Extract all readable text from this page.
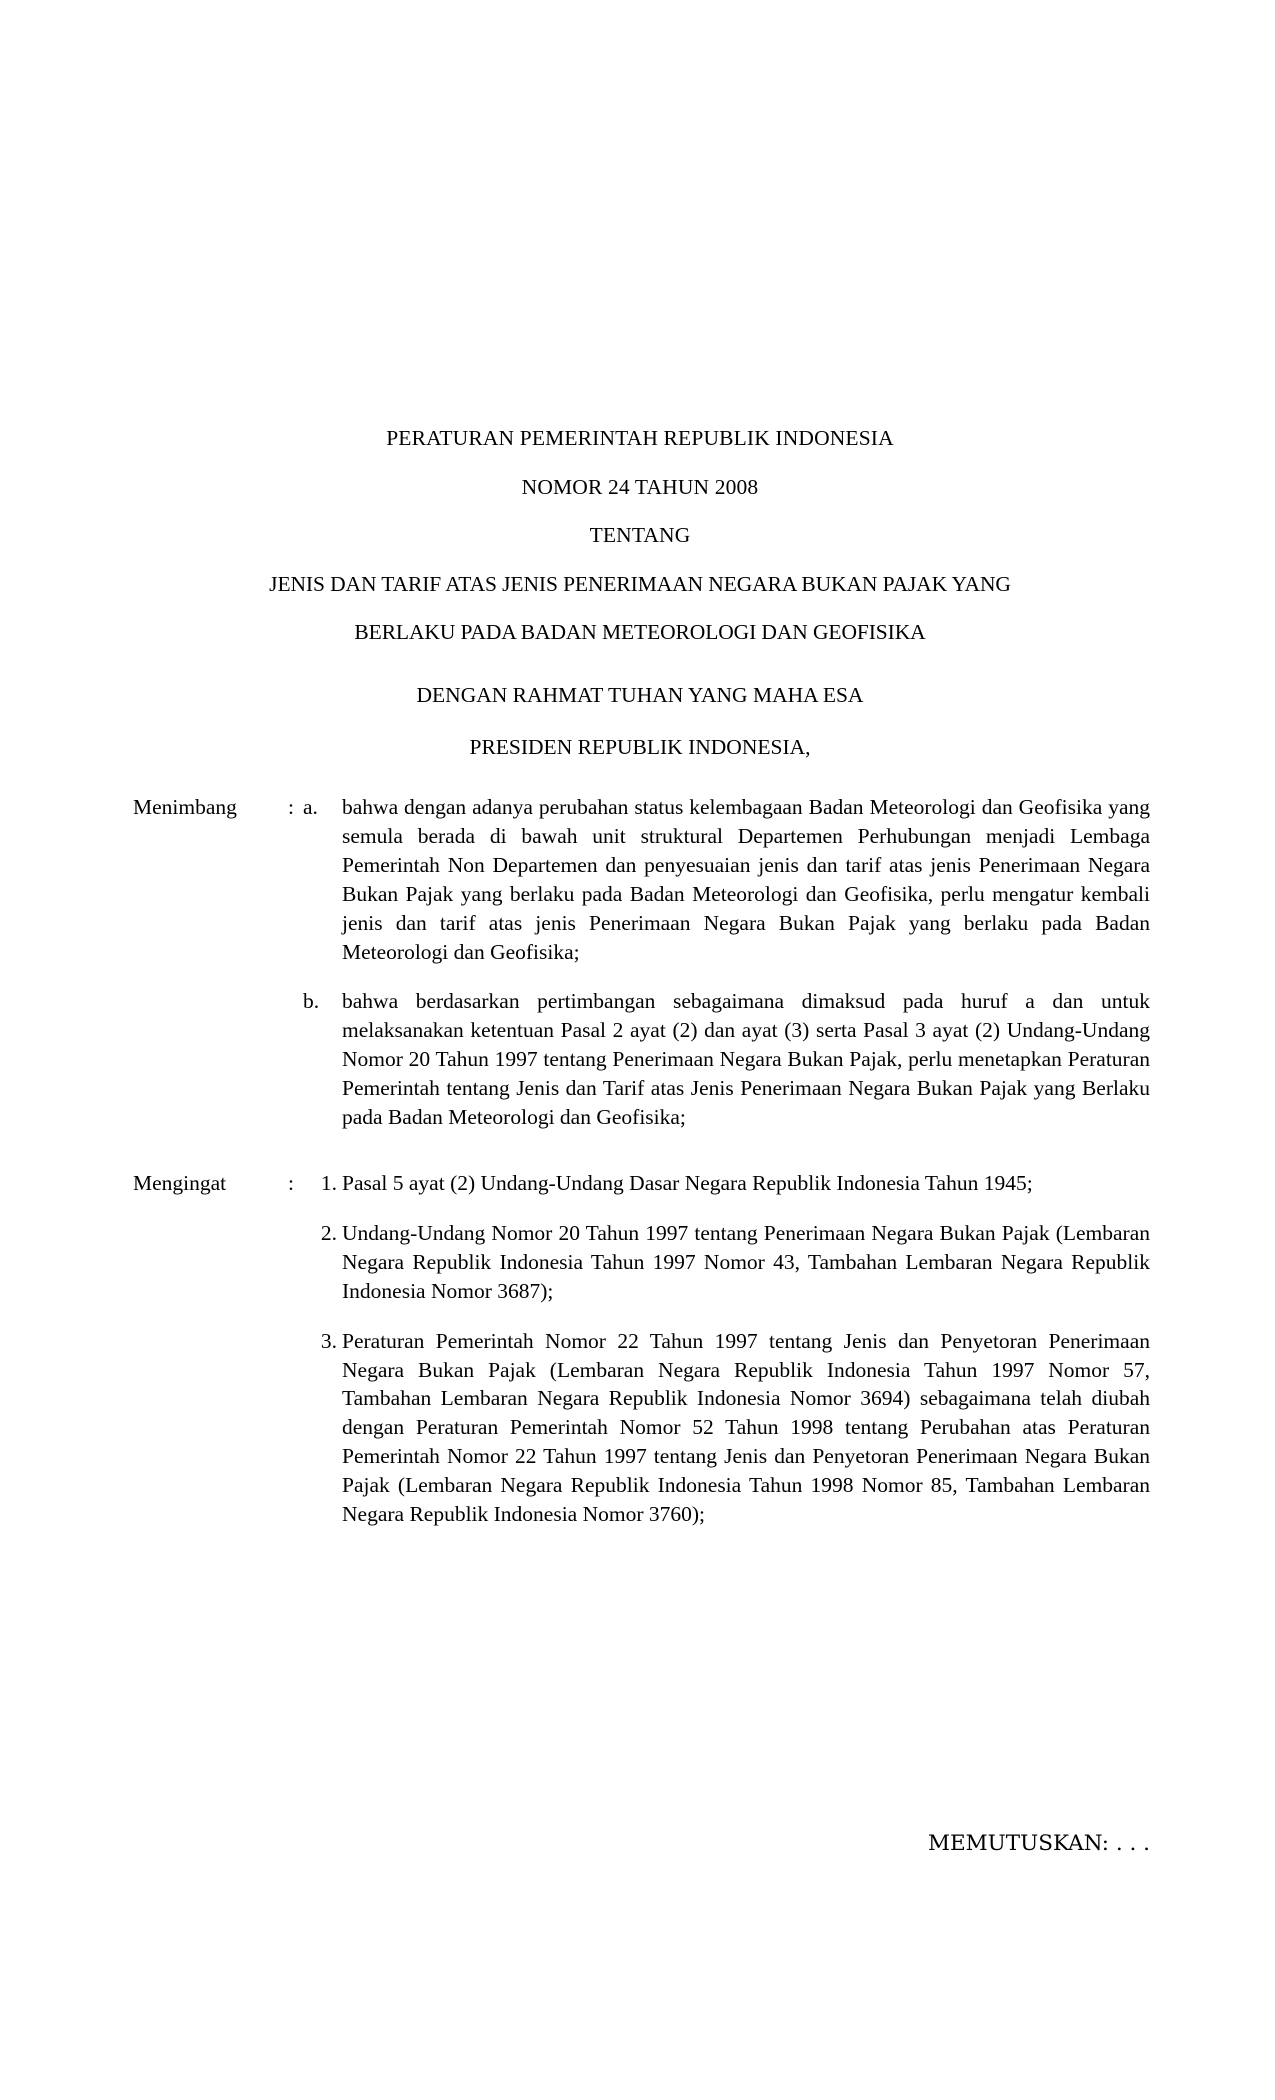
PERATURAN PEMERINTAH REPUBLIK INDONESIA
NOMOR 24 TAHUN 2008
TENTANG
JENIS DAN TARIF ATAS JENIS PENERIMAAN NEGARA BUKAN PAJAK YANG
BERLAKU PADA BADAN METEOROLOGI DAN GEOFISIKA
DENGAN RAHMAT TUHAN YANG MAHA ESA
PRESIDEN REPUBLIK INDONESIA,
Menimbang	: a.	bahwa dengan adanya perubahan status kelembagaan Badan Meteorologi dan Geofisika yang semula berada di bawah unit struktural Departemen Perhubungan menjadi Lembaga Pemerintah Non Departemen dan penyesuaian jenis dan tarif atas jenis Penerimaan Negara Bukan Pajak yang berlaku pada Badan Meteorologi dan Geofisika, perlu mengatur kembali jenis dan tarif atas jenis Penerimaan Negara Bukan Pajak yang berlaku pada Badan Meteorologi dan Geofisika;
b.	bahwa berdasarkan pertimbangan sebagaimana dimaksud pada huruf a dan untuk melaksanakan ketentuan Pasal 2 ayat (2) dan ayat (3) serta Pasal 3 ayat (2) Undang-Undang Nomor 20 Tahun 1997 tentang Penerimaan Negara Bukan Pajak, perlu menetapkan Peraturan Pemerintah tentang Jenis dan Tarif atas Jenis Penerimaan Negara Bukan Pajak yang Berlaku pada Badan Meteorologi dan Geofisika;
Mengingat	:	1. Pasal 5 ayat (2) Undang-Undang Dasar Negara Republik Indonesia Tahun 1945;
2. Undang-Undang Nomor 20 Tahun 1997 tentang Penerimaan Negara Bukan Pajak (Lembaran Negara Republik Indonesia Tahun 1997 Nomor 43, Tambahan Lembaran Negara Republik Indonesia Nomor 3687);
3. Peraturan Pemerintah Nomor 22 Tahun 1997 tentang Jenis dan Penyetoran Penerimaan Negara Bukan Pajak (Lembaran Negara Republik Indonesia Tahun 1997 Nomor 57, Tambahan Lembaran Negara Republik Indonesia Nomor 3694) sebagaimana telah diubah dengan Peraturan Pemerintah Nomor 52 Tahun 1998 tentang Perubahan atas Peraturan Pemerintah Nomor 22 Tahun 1997 tentang Jenis dan Penyetoran Penerimaan Negara Bukan Pajak (Lembaran Negara Republik Indonesia Tahun 1998 Nomor 85, Tambahan Lembaran Negara Republik Indonesia Nomor 3760);
MEMUTUSKAN: . . .
